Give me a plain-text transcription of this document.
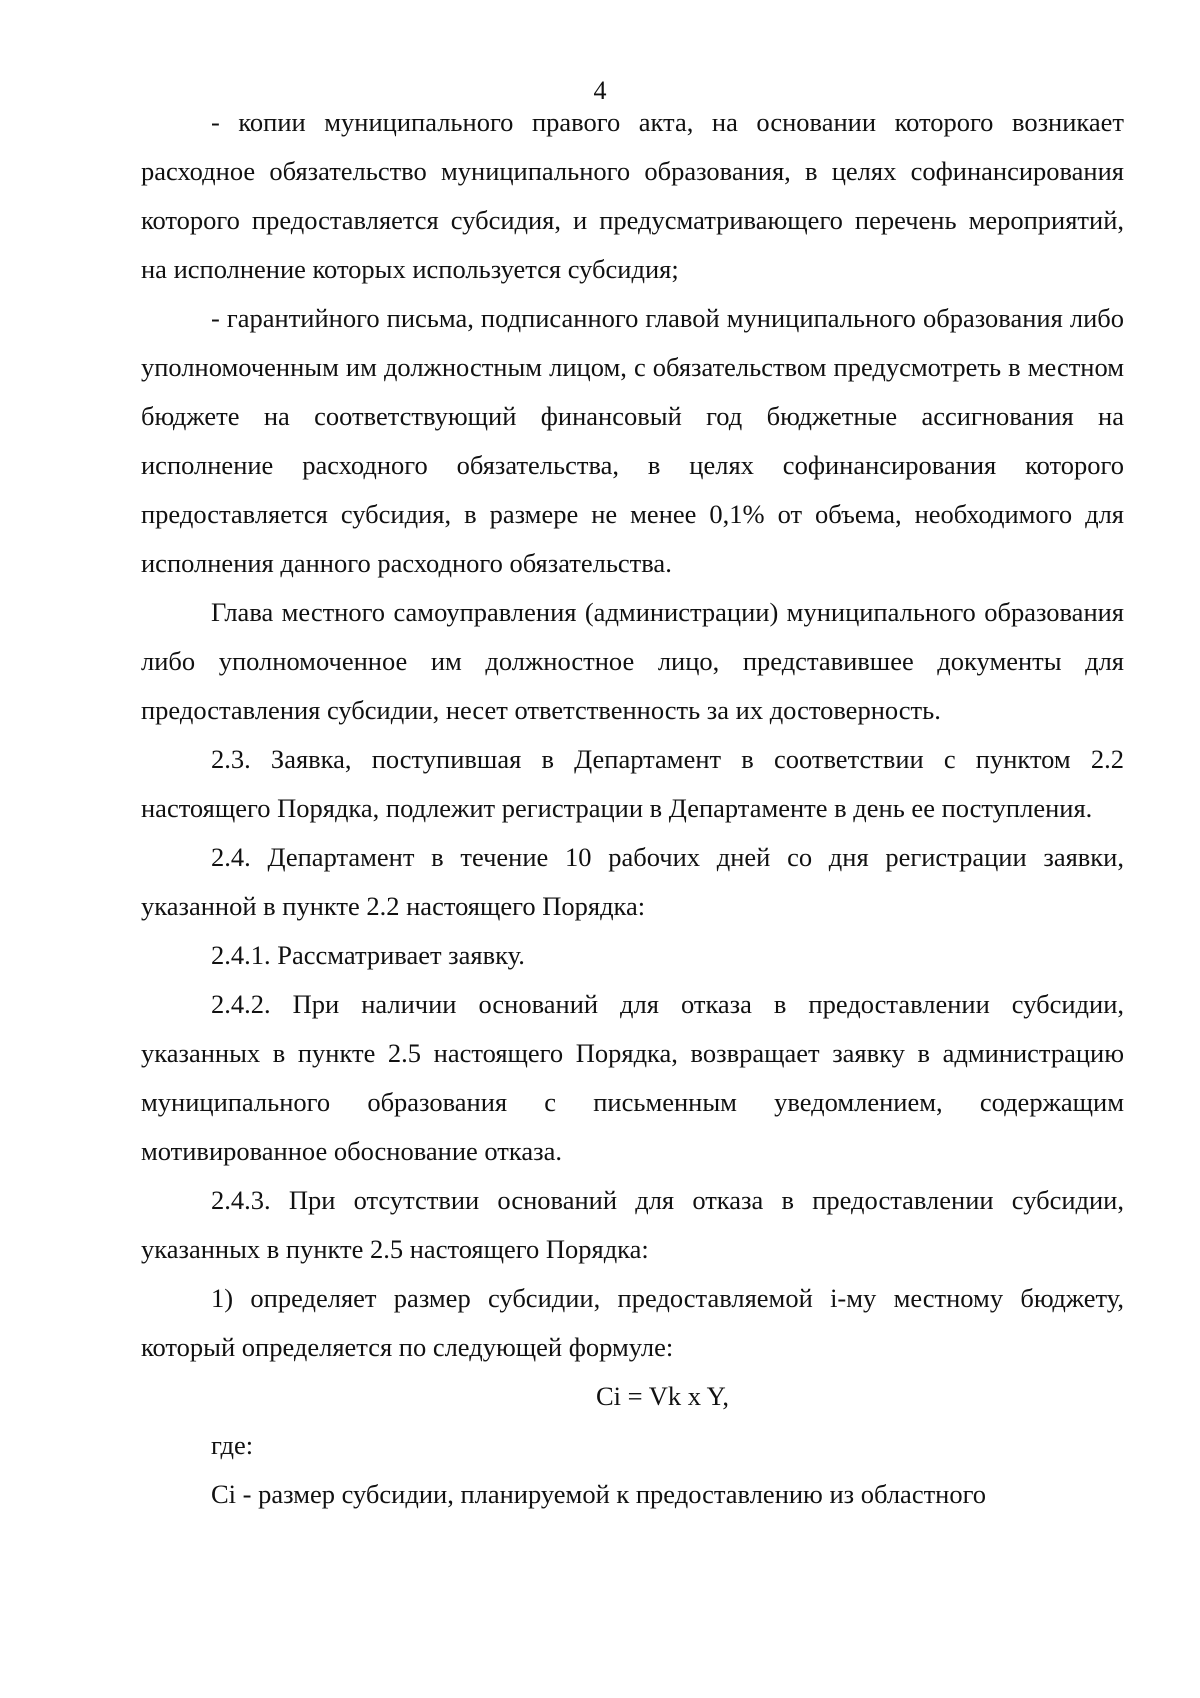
4

- копии муниципального правого акта, на основании которого возникает расходное обязательство муниципального образования, в целях софинансирования которого предоставляется субсидия, и предусматривающего перечень мероприятий, на исполнение которых используется субсидия;

- гарантийного письма, подписанного главой муниципального образования либо уполномоченным им должностным лицом, с обязательством предусмотреть в местном бюджете на соответствующий финансовый год бюджетные ассигнования на исполнение расходного обязательства, в целях софинансирования которого предоставляется субсидия, в размере не менее 0,1% от объема, необходимого для исполнения данного расходного обязательства.

Глава местного самоуправления (администрации) муниципального образования либо уполномоченное им должностное лицо, представившее документы для предоставления субсидии, несет ответственность за их достоверность.

2.3. Заявка, поступившая в Департамент в соответствии с пунктом 2.2 настоящего Порядка, подлежит регистрации в Департаменте в день ее поступления.

2.4. Департамент в течение 10 рабочих дней со дня регистрации заявки, указанной в пункте 2.2 настоящего Порядка:

2.4.1. Рассматривает заявку.

2.4.2. При наличии оснований для отказа в предоставлении субсидии, указанных в пункте 2.5 настоящего Порядка, возвращает заявку в администрацию муниципального образования с письменным уведомлением, содержащим мотивированное обоснование отказа.

2.4.3. При отсутствии оснований для отказа в предоставлении субсидии, указанных в пункте 2.5 настоящего Порядка:

1) определяет размер субсидии, предоставляемой i-му местному бюджету, который определяется по следующей формуле:

Ci = Vk x Y,

где:

Ci - размер субсидии, планируемой к предоставлению из областного
